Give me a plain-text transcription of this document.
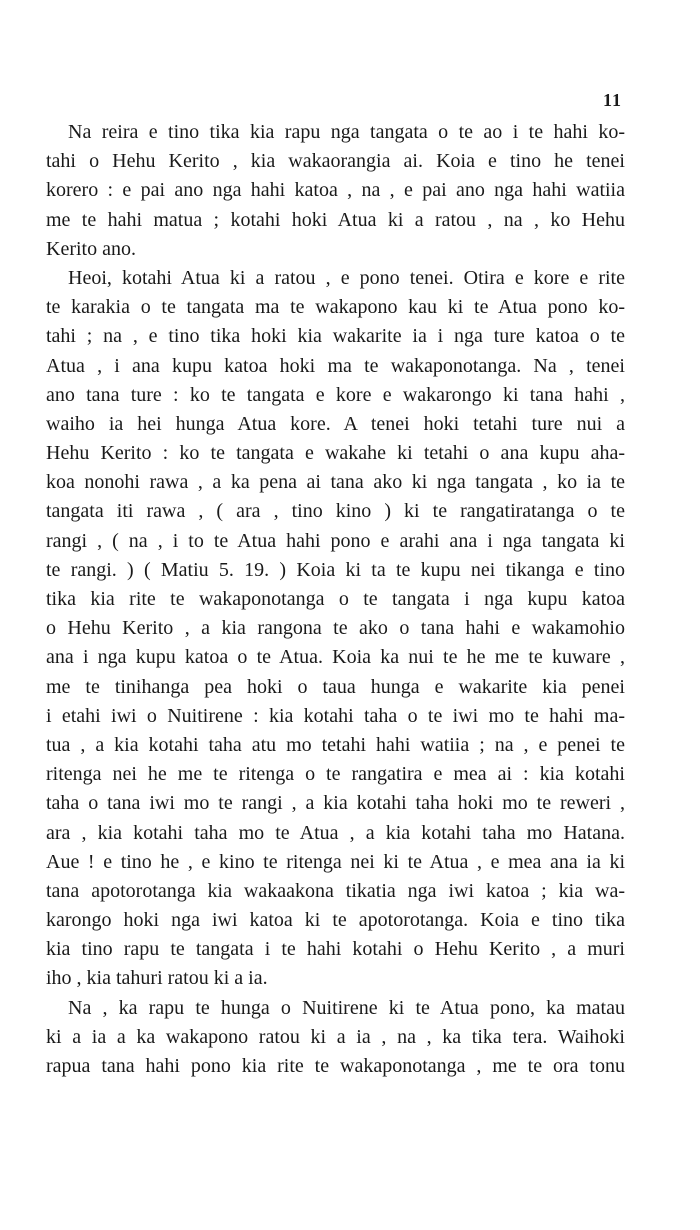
11
Na reira e tino tika kia rapu nga tangata o te ao i te hahi ko-
tahi o Hehu Kerito , kia wakaorangia ai. Koia e tino he tenei
korero : e pai ano nga hahi katoa , na , e pai ano nga hahi watiia
me te hahi matua ; kotahi hoki Atua ki a ratou , na , ko Hehu
Kerito ano.
Heoi, kotahi Atua ki a ratou , e pono tenei. Otira e kore e rite
te karakia o te tangata ma te wakapono kau ki te Atua pono ko-
tahi ; na , e tino tika hoki kia wakarite ia i nga ture katoa o te
Atua , i ana kupu katoa hoki ma te wakaponotanga. Na , tenei
ano tana ture : ko te tangata e kore e wakarongo ki tana hahi ,
waiho ia hei hunga Atua kore. A tenei hoki tetahi ture nui a
Hehu Kerito : ko te tangata e wakahe ki tetahi o ana kupu aha-
koa nonohi rawa , a ka pena ai tana ako ki nga tangata , ko ia te
tangata iti rawa , ( ara , tino kino ) ki te rangatiratanga o te
rangi , ( na , i to te Atua hahi pono e arahi ana i nga tangata ki
te rangi. ) ( Matiu 5. 19. ) Koia ki ta te kupu nei tikanga e tino
tika kia rite te wakaponotanga o te tangata i nga kupu katoa
o Hehu Kerito , a kia rangona te ako o tana hahi e wakamohio
ana i nga kupu katoa o te Atua. Koia ka nui te he me te kuware ,
me te tinihanga pea hoki o taua hunga e wakarite kia penei
i etahi iwi o Nuitirene : kia kotahi taha o te iwi mo te hahi ma-
tua , a kia kotahi taha atu mo tetahi hahi watiia ; na , e penei te
ritenga nei he me te ritenga o te rangatira e mea ai : kia kotahi
taha o tana iwi mo te rangi , a kia kotahi taha hoki mo te reweri ,
ara , kia kotahi taha mo te Atua , a kia kotahi taha mo Hatana.
Aue ! e tino he , e kino te ritenga nei ki te Atua , e mea ana ia ki
tana apotorotanga kia wakaakona tikatia nga iwi katoa ; kia wa-
karongo hoki nga iwi katoa ki te apotorotanga. Koia e tino tika
kia tino rapu te tangata i te hahi kotahi o Hehu Kerito , a muri
iho , kia tahuri ratou ki a ia.
Na , ka rapu te hunga o Nuitirene ki te Atua pono, ka matau
ki a ia a ka wakapono ratou ki a ia , na , ka tika tera. Waihoki
rapua tana hahi pono kia rite te wakaponotanga , me te ora tonu
